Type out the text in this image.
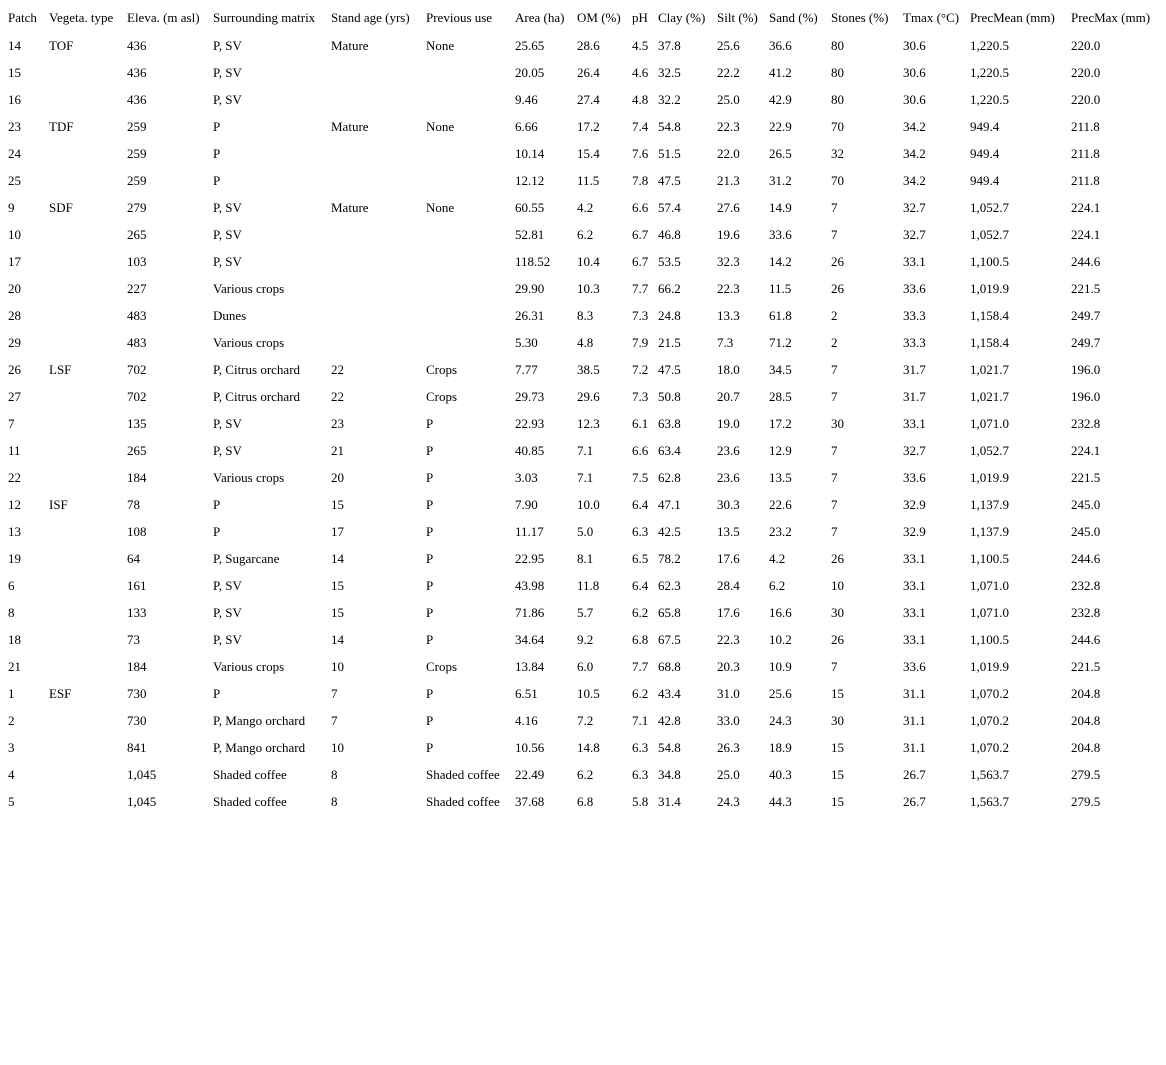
Patch	Vegeta. type	Eleva. (m asl)	Surrounding matrix	Stand age (yrs)	Previous use	Area (ha)	OM (%)	pH	Clay (%)	Silt (%)	Sand (%)	Stones (%)	Tmax (°C)	PrecMean (mm)	PrecMax (mm)
14	TOF	436	P, SV	Mature	None	25.65	28.6	4.5	37.8	25.6	36.6	80	30.6	1,220.5	220.0
15		436	P, SV			20.05	26.4	4.6	32.5	22.2	41.2	80	30.6	1,220.5	220.0
16		436	P, SV			9.46	27.4	4.8	32.2	25.0	42.9	80	30.6	1,220.5	220.0
23	TDF	259	P	Mature	None	6.66	17.2	7.4	54.8	22.3	22.9	70	34.2	949.4	211.8
24		259	P			10.14	15.4	7.6	51.5	22.0	26.5	32	34.2	949.4	211.8
25		259	P			12.12	11.5	7.8	47.5	21.3	31.2	70	34.2	949.4	211.8
9	SDF	279	P, SV	Mature	None	60.55	4.2	6.6	57.4	27.6	14.9	7	32.7	1,052.7	224.1
10		265	P, SV			52.81	6.2	6.7	46.8	19.6	33.6	7	32.7	1,052.7	224.1
17		103	P, SV			118.52	10.4	6.7	53.5	32.3	14.2	26	33.1	1,100.5	244.6
20		227	Various crops			29.90	10.3	7.7	66.2	22.3	11.5	26	33.6	1,019.9	221.5
28		483	Dunes			26.31	8.3	7.3	24.8	13.3	61.8	2	33.3	1,158.4	249.7
29		483	Various crops			5.30	4.8	7.9	21.5	7.3	71.2	2	33.3	1,158.4	249.7
26	LSF	702	P, Citrus orchard	22	Crops	7.77	38.5	7.2	47.5	18.0	34.5	7	31.7	1,021.7	196.0
27		702	P, Citrus orchard	22	Crops	29.73	29.6	7.3	50.8	20.7	28.5	7	31.7	1,021.7	196.0
7		135	P, SV	23	P	22.93	12.3	6.1	63.8	19.0	17.2	30	33.1	1,071.0	232.8
11		265	P, SV	21	P	40.85	7.1	6.6	63.4	23.6	12.9	7	32.7	1,052.7	224.1
22		184	Various crops	20	P	3.03	7.1	7.5	62.8	23.6	13.5	7	33.6	1,019.9	221.5
12	ISF	78	P	15	P	7.90	10.0	6.4	47.1	30.3	22.6	7	32.9	1,137.9	245.0
13		108	P	17	P	11.17	5.0	6.3	42.5	13.5	23.2	7	32.9	1,137.9	245.0
19		64	P, Sugarcane	14	P	22.95	8.1	6.5	78.2	17.6	4.2	26	33.1	1,100.5	244.6
6		161	P, SV	15	P	43.98	11.8	6.4	62.3	28.4	6.2	10	33.1	1,071.0	232.8
8		133	P, SV	15	P	71.86	5.7	6.2	65.8	17.6	16.6	30	33.1	1,071.0	232.8
18		73	P, SV	14	P	34.64	9.2	6.8	67.5	22.3	10.2	26	33.1	1,100.5	244.6
21		184	Various crops	10	Crops	13.84	6.0	7.7	68.8	20.3	10.9	7	33.6	1,019.9	221.5
1	ESF	730	P	7	P	6.51	10.5	6.2	43.4	31.0	25.6	15	31.1	1,070.2	204.8
2		730	P, Mango orchard	7	P	4.16	7.2	7.1	42.8	33.0	24.3	30	31.1	1,070.2	204.8
3		841	P, Mango orchard	10	P	10.56	14.8	6.3	54.8	26.3	18.9	15	31.1	1,070.2	204.8
4		1,045	Shaded coffee	8	Shaded coffee	22.49	6.2	6.3	34.8	25.0	40.3	15	26.7	1,563.7	279.5
5		1,045	Shaded coffee	8	Shaded coffee	37.68	6.8	5.8	31.4	24.3	44.3	15	26.7	1,563.7	279.5
